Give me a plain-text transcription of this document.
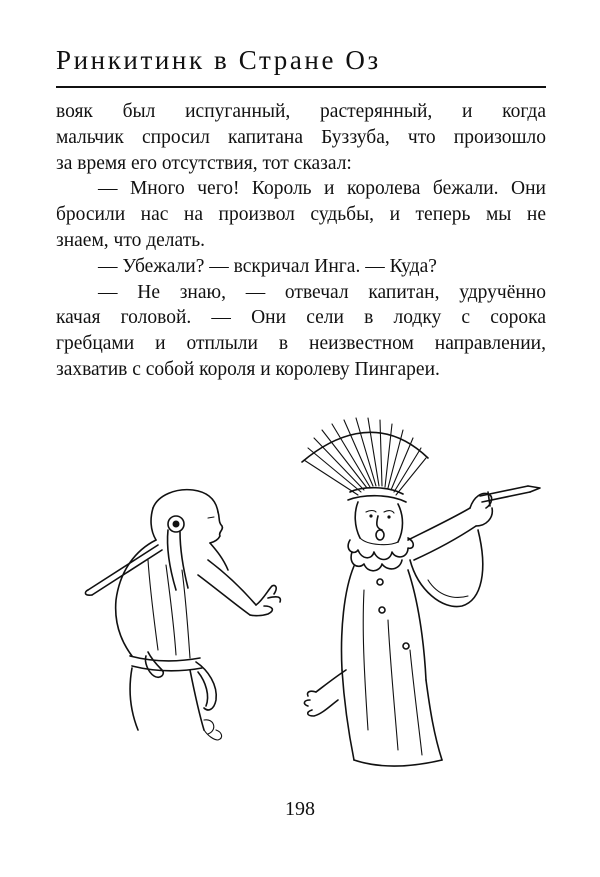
Ринкитинк в Стране Оз
вояк был испуганный, растерянный, и когда
мальчик спросил капитана Буззуба, что произошло
за время его отсутствия, тот сказал:
— Много чего! Король и королева бежали. Они
бросили нас на произвол судьбы, и теперь мы не
знаем, что делать.
— Убежали? — вскричал Инга. — Куда?
— Не знаю, — отвечал капитан, удручённо
качая головой. — Они сели в лодку с сорока
гребцами и отплыли в неизвестном направлении,
захватив с собой короля и королеву Пингареи.
198
